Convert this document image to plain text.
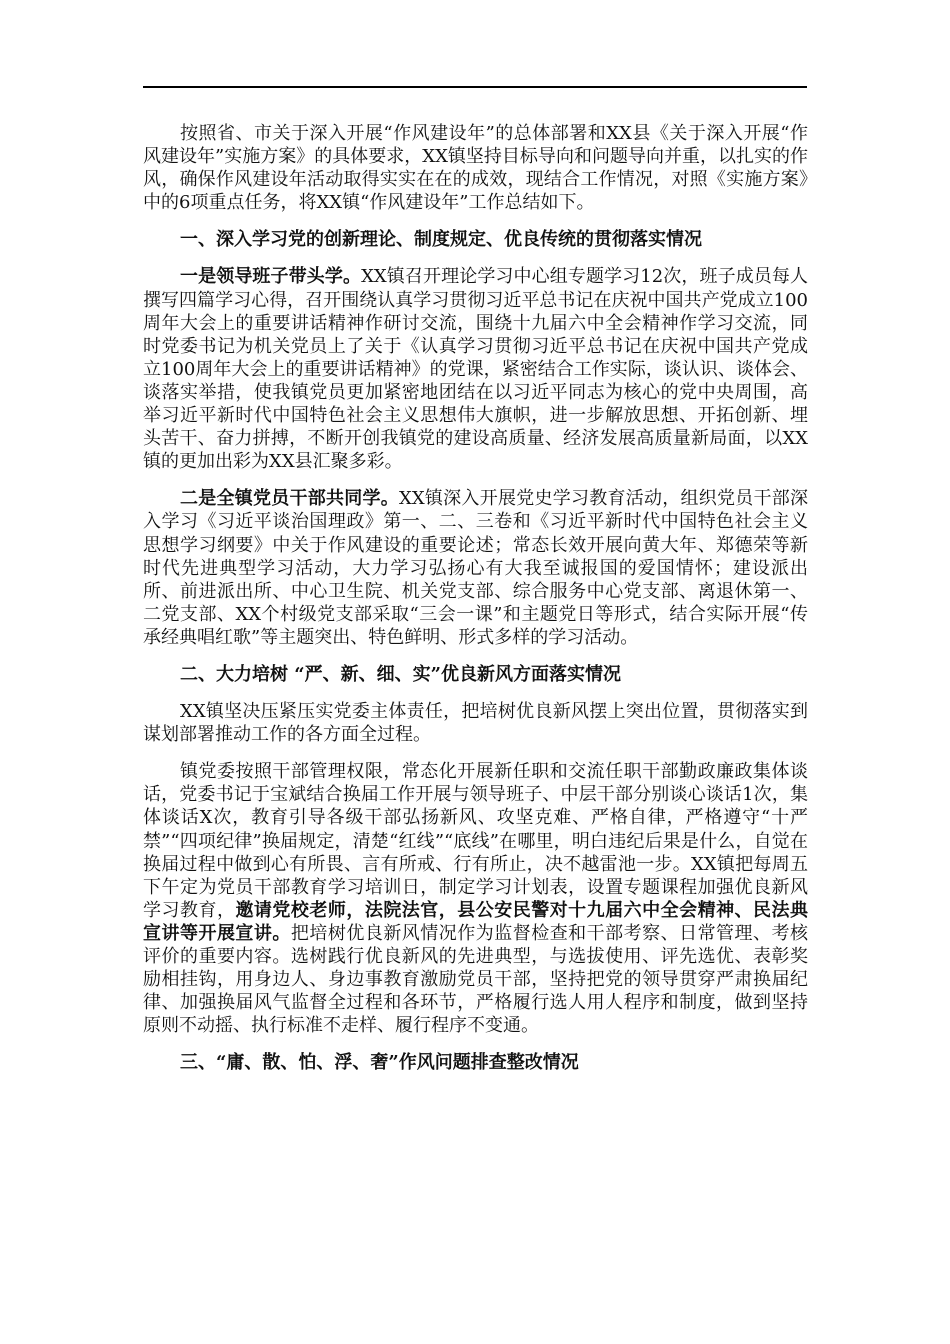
按照省、市关于深入开展“作风建设年”的总体部署和XX县《关于深入开展“作风建设年”实施方案》的具体要求，XX镇坚持目标导向和问题导向并重，以扎实的作风，确保作风建设年活动取得实实在在的成效，现结合工作情况，对照《实施方案》中的6项重点任务，将XX镇“作风建设年”工作总结如下。

一、深入学习党的创新理论、制度规定、优良传统的贯彻落实情况

一是领导班子带头学。XX镇召开理论学习中心组专题学习12次，班子成员每人撰写四篇学习心得，召开围绕认真学习贯彻习近平总书记在庆祝中国共产党成立100周年大会上的重要讲话精神作研讨交流，围绕十九届六中全会精神作学习交流，同时党委书记为机关党员上了关于《认真学习贯彻习近平总书记在庆祝中国共产党成立100周年大会上的重要讲话精神》的党课，紧密结合工作实际，谈认识、谈体会、谈落实举措，使我镇党员更加紧密地团结在以习近平同志为核心的党中央周围，高举习近平新时代中国特色社会主义思想伟大旗帜，进一步解放思想、开拓创新、埋头苦干、奋力拼搏，不断开创我镇党的建设高质量、经济发展高质量新局面，以XX镇的更加出彩为XX县汇聚多彩。

二是全镇党员干部共同学。XX镇深入开展党史学习教育活动，组织党员干部深入学习《习近平谈治国理政》第一、二、三卷和《习近平新时代中国特色社会主义思想学习纲要》中关于作风建设的重要论述；常态长效开展向黄大年、郑德荣等新时代先进典型学习活动，大力学习弘扬心有大我至诚报国的爱国情怀；建设派出所、前进派出所、中心卫生院、机关党支部、综合服务中心党支部、离退休第一、二党支部、XX个村级党支部采取“三会一课”和主题党日等形式，结合实际开展“传承经典唱红歌”等主题突出、特色鲜明、形式多样的学习活动。

二、大力培树 “严、新、细、实”优良新风方面落实情况

XX镇坚决压紧压实党委主体责任，把培树优良新风摆上突出位置，贯彻落实到谋划部署推动工作的各方面全过程。

镇党委按照干部管理权限，常态化开展新任职和交流任职干部勤政廉政集体谈话，党委书记于宝斌结合换届工作开展与领导班子、中层干部分别谈心谈话1次，集体谈话X次，教育引导各级干部弘扬新风、攻坚克难、严格自律，严格遵守“十严禁”“四项纪律”换届规定，清楚“红线”“底线”在哪里，明白违纪后果是什么，自觉在换届过程中做到心有所畏、言有所戒、行有所止，决不越雷池一步。XX镇把每周五下午定为党员干部教育学习培训日，制定学习计划表，设置专题课程加强优良新风学习教育，邀请党校老师，法院法官，县公安民警对十九届六中全会精神、民法典宣讲等开展宣讲。把培树优良新风情况作为监督检查和干部考察、日常管理、考核评价的重要内容。选树践行优良新风的先进典型，与选拔使用、评先选优、表彰奖励相挂钩，用身边人、身边事教育激励党员干部，坚持把党的领导贯穿严肃换届纪律、加强换届风气监督全过程和各环节，严格履行选人用人程序和制度，做到坚持原则不动摇、执行标准不走样、履行程序不变通。

三、“庸、散、怕、浮、奢”作风问题排查整改情况
